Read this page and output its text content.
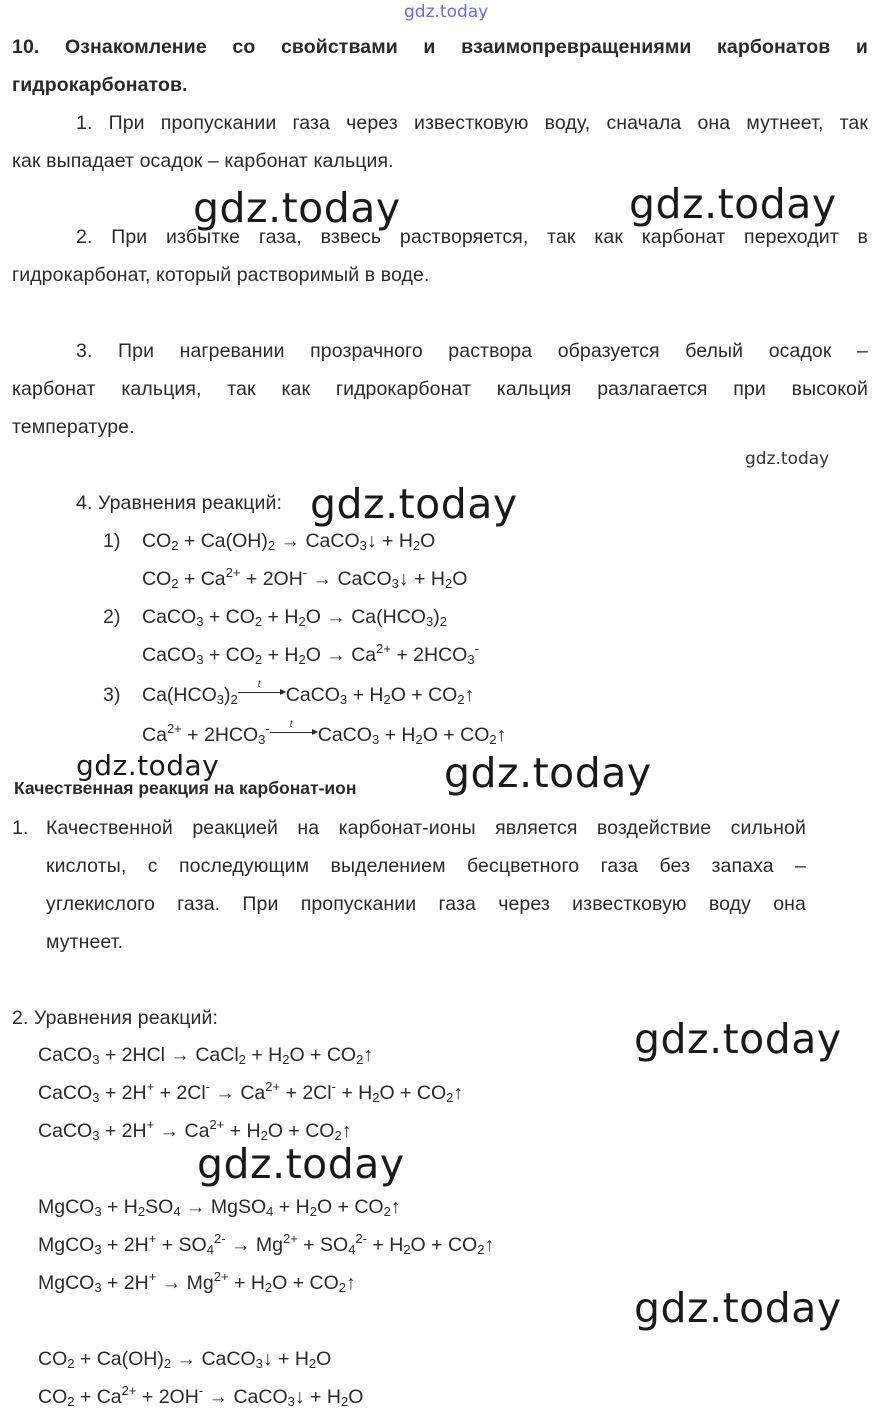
gdz.today
gdz.today	gdz.today
gdz.today
gdz.today
gdz.today
gdz.today
gdz.today
gdz.today
10. Ознакомление со свойствами и взаимопревращениями карбонатов и
гидрокарбонатов.
1. При пропускании газа через известковую воду, сначала она мутнеет, так
как выпадает осадок – карбонат кальция.
2. При избытке газа, взвесь растворяется, так как карбонат переходит в
гидрокарбонат, который растворимый в воде.
3. При нагревании прозрачного раствора образуется белый осадок –
карбонат кальция, так как гидрокарбонат кальция разлагается при высокой
температуре.
4. Уравнения реакций:
1) $CO_2 + Ca(OH)_2$ → CaCO$_3$↓ + $H_2O$
$CO_2 + Ca^{2+} + 2OH^-$ → CaCO$_3$↓ + $H_2O$
2) CaCO$_3$ + $CO_2 + H_2O \to Ca(HCO_3)_2$
CaCO$_3$ + $CO_2 + H_2O \to Ca^{2+} + 2HCO_3^-$
3) $Ca(HCO_3)_2$
t CaCO$_3$ + $H_2O$ + $CO_2↑$
$Ca^{2+} + 2HCO_3^-$ t CaCO$_3$ + $H_2O$ + $CO_2↑$
gdz.today
Качественная реакция на карбонат-ион
1. Качественной реакцией на карбонат-ионы является воздействие сильной
кислоты, с последующим выделением бесцветного газа без запаха –
углекислого газа. При пропускании газа через известковую воду она
мутнеет.
2. Уравнения реакций:
CaCO$_3$ + 2HCl → CaCl$_2$ + $H_2O$ + $CO_2↑$
CaCO$_3$ + $2H^+ + 2Cl^- \to Ca^{2+} + 2Cl^- + H_2O$ + $CO_2↑$
CaCO$_3$ + $2H^+ \to Ca^{2+} + H_2O$ + $CO_2↑$
MgCO$_3$ + $H_2SO_4$ → MgSO$_4$ + $H_2O$ + $CO_2↑$
MgCO$_3$ + $2H^+ + SO_4^{2-} \to Mg^{2+} + SO_4^{2-} + H_2O$ + $CO_2↑$
MgCO$_3$ + $2H^+ \to Mg^{2+} + H_2O$ + $CO_2↑$
$CO_2 + Ca(OH)_2$ → CaCO$_3$↓ + $H_2O$
$CO_2 + Ca^{2+} + 2OH^-$ → CaCO$_3$↓ + $H_2O$
